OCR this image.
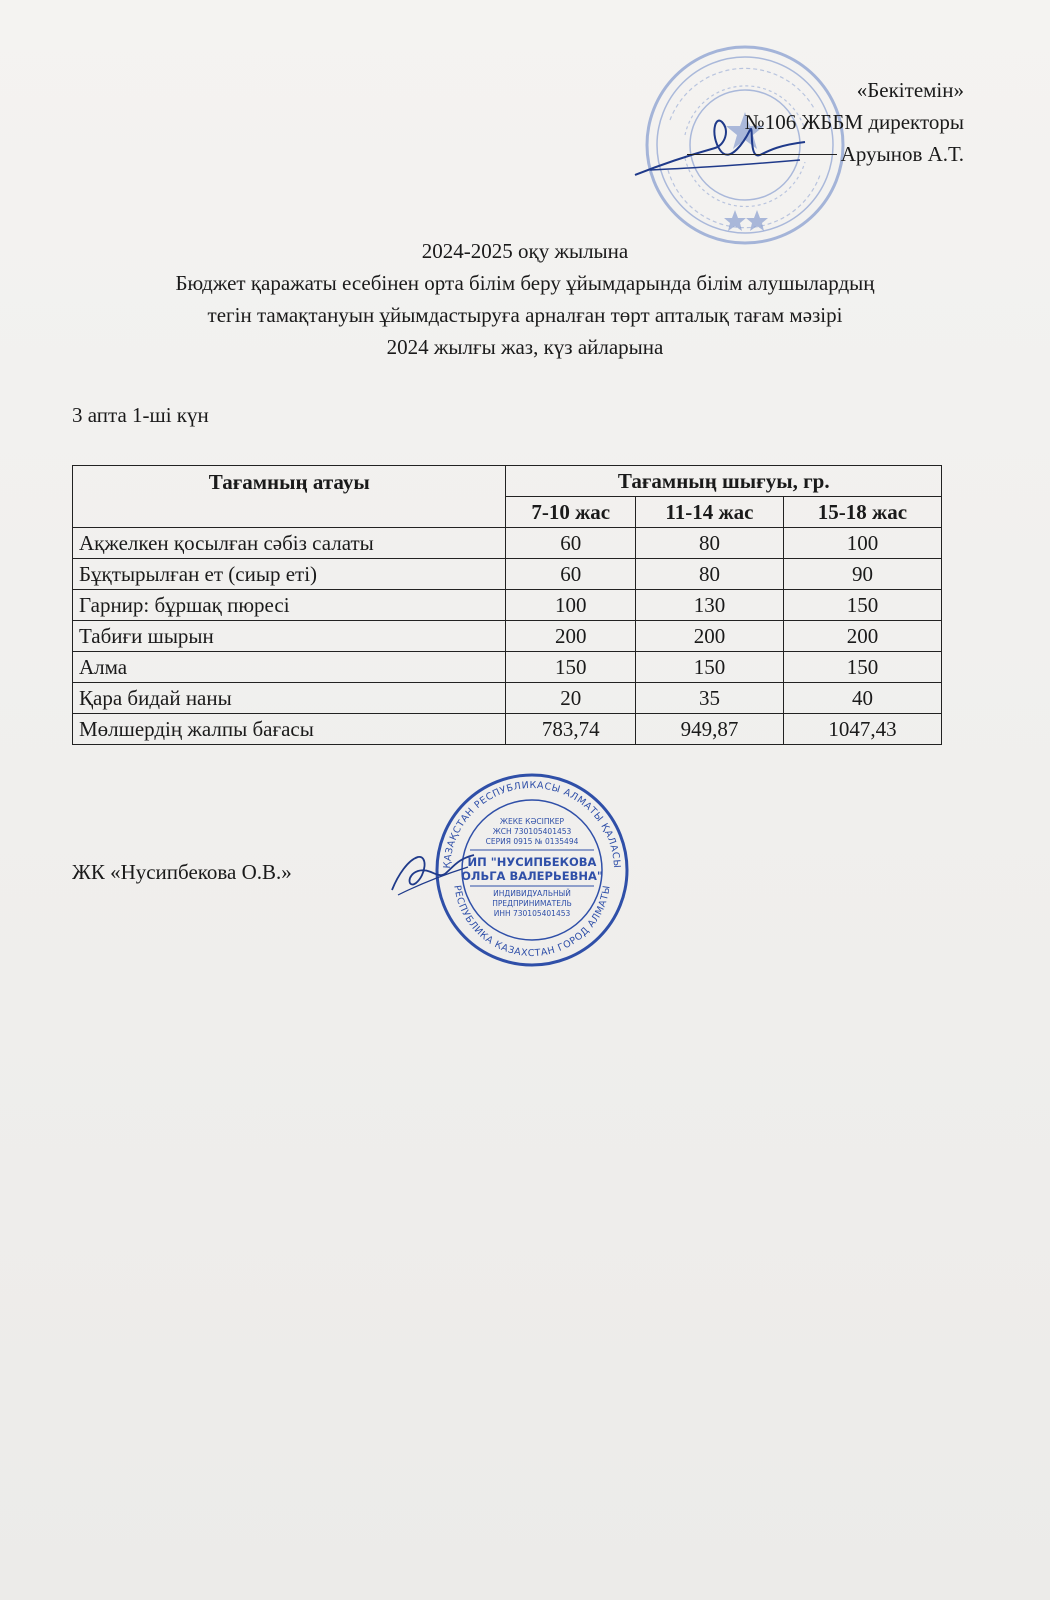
«Бекітемін»
№106 ЖББМ директоры
Аруынов А.Т.
2024-2025 оқу жылына
Бюджет қаражаты есебінен орта білім беру ұйымдарында білім алушылардың
тегін тамақтануын ұйымдастыруға арналған төрт апталық тағам мәзірі
2024 жылғы жаз, күз айларына
3 апта 1-ші күн
Тағамның атауы	Тағамның шығуы, гр.		
	7-10 жас	11-14 жас	15-18 жас
Ақжелкен қосылған сәбіз салаты	60	80	100
Бұқтырылған ет (сиыр еті)	60	80	90
Гарнир: бұршақ пюресі	100	130	150
Табиғи шырын	200	200	200
Алма	150	150	150
Қара бидай наны	20	35	40
Мөлшердің жалпы бағасы	783,74	949,87	1047,43
ЖК «Нусипбекова О.В.»	ҚАЗАҚСТАН РЕСПУБЛИКАСЫ АЛМАТЫ ҚАЛАСЫ
РЕСПУБЛИКА КАЗАХСТАН ГОРОД АЛМАТЫ
ЖЕКЕ КӘСІПКЕР
ЖСН 730105401453
СЕРИЯ 0915 № 0135494
ИП "НУСИПБЕКОВА
ОЛЬГА ВАЛЕРЬЕВНА"
ИНДИВИДУАЛЬНЫЙ
ПРЕДПРИНИМАТЕЛЬ
ИНН 730105401453
